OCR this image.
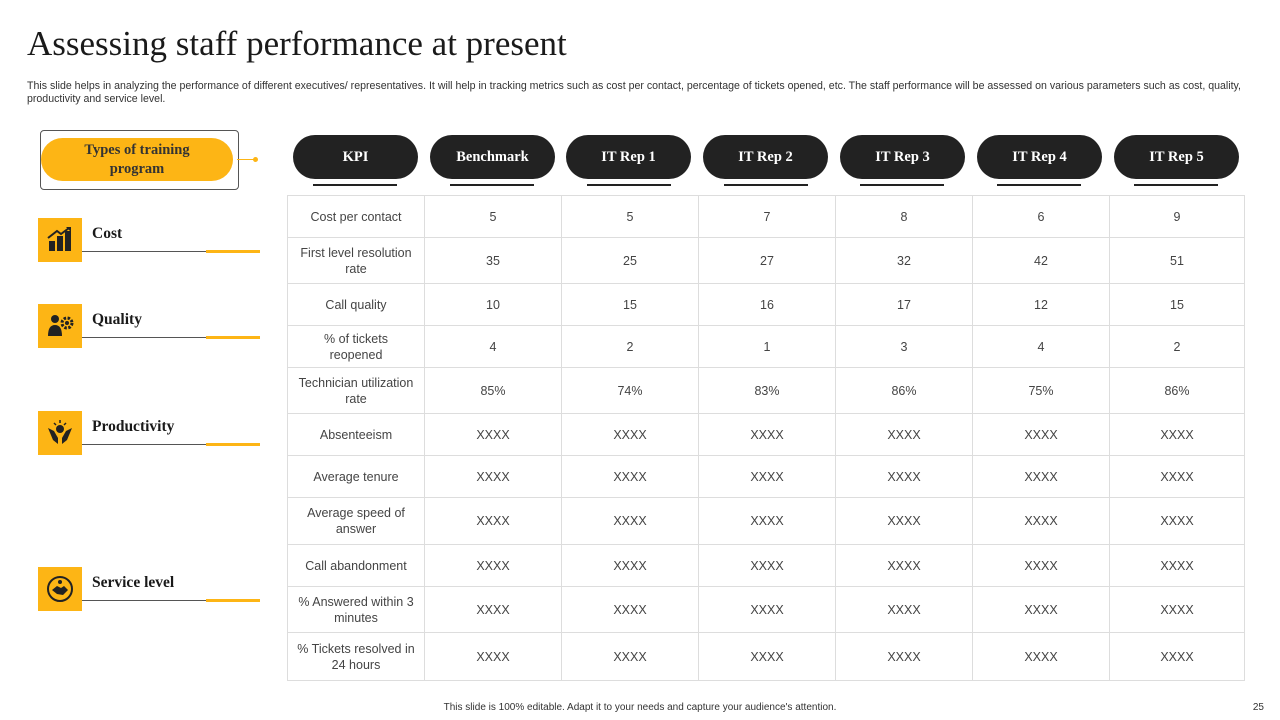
Assessing staff performance at present

This slide helps in analyzing the performance of different executives/ representatives. It will help in tracking metrics such as cost per contact, percentage of tickets opened, etc. The staff performance will be assessed on various parameters such as cost, quality, productivity and service level.

Types of training program
Cost
Quality
Productivity
Service level
KPI	Benchmark	IT Rep 1	IT Rep 2	IT Rep 3	IT Rep 4	IT Rep 5
Cost per contact	5	5	7	8	6	9
First level resolution rate	35	25	27	32	42	51
Call quality	10	15	16	17	12	15
% of tickets reopened	4	2	1	3	4	2
Technician utilization rate	85%	74%	83%	86%	75%	86%
Absenteeism	XXXX	XXXX	XXXX	XXXX	XXXX	XXXX
Average tenure	XXXX	XXXX	XXXX	XXXX	XXXX	XXXX
Average speed of answer	XXXX	XXXX	XXXX	XXXX	XXXX	XXXX
Call abandonment	XXXX	XXXX	XXXX	XXXX	XXXX	XXXX
% Answered within 3 minutes	XXXX	XXXX	XXXX	XXXX	XXXX	XXXX
% Tickets resolved in 24 hours	XXXX	XXXX	XXXX	XXXX	XXXX	XXXX

This slide is 100% editable. Adapt it to your needs and capture your audience's attention.	25
